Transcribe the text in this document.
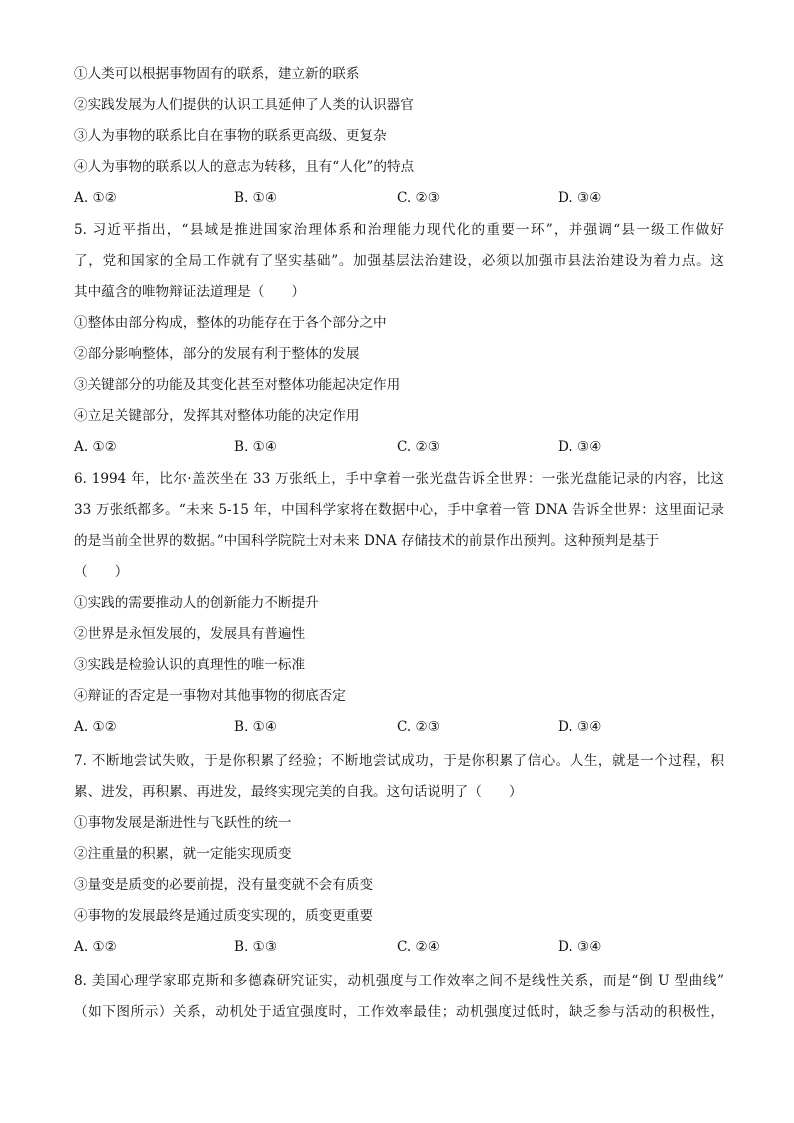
①人类可以根据事物固有的联系，建立新的联系
②实践发展为人们提供的认识工具延伸了人类的认识器官
③人为事物的联系比自在事物的联系更高级、更复杂
④人为事物的联系以人的意志为转移，且有“人化”的特点
A. ①②	B. ①④	C. ②③	D. ③④
5. 习近平指出，“县域是推进国家治理体系和治理能力现代化的重要一环”，并强调“县一级工作做好
了，党和国家的全局工作就有了坚实基础”。加强基层法治建设，必须以加强市县法治建设为着力点。这
其中蕴含的唯物辩证法道理是（　　）
①整体由部分构成，整体的功能存在于各个部分之中
②部分影响整体，部分的发展有利于整体的发展
③关键部分的功能及其变化甚至对整体功能起决定作用
④立足关键部分，发挥其对整体功能的决定作用
A. ①②	B. ①④	C. ②③	D. ③④
6. 1994 年，比尔·盖茨坐在 33 万张纸上，手中拿着一张光盘告诉全世界：一张光盘能记录的内容，比这
33 万张纸都多。“未来 5-15 年，中国科学家将在数据中心，手中拿着一管 DNA 告诉全世界：这里面记录
的是当前全世界的数据。”中国科学院院士对未来 DNA 存储技术的前景作出预判。这种预判是基于
（　　）
①实践的需要推动人的创新能力不断提升
②世界是永恒发展的，发展具有普遍性
③实践是检验认识的真理性的唯一标准
④辩证的否定是一事物对其他事物的彻底否定
A. ①②	B. ①④	C. ②③	D. ③④
7. 不断地尝试失败，于是你积累了经验；不断地尝试成功，于是你积累了信心。人生，就是一个过程，积
累、进发，再积累、再进发，最终实现完美的自我。这句话说明了（　　）
①事物发展是渐进性与飞跃性的统一
②注重量的积累，就一定能实现质变
③量变是质变的必要前提，没有量变就不会有质变
④事物的发展最终是通过质变实现的，质变更重要
A. ①②	B. ①③	C. ②④	D. ③④
8. 美国心理学家耶克斯和多德森研究证实，动机强度与工作效率之间不是线性关系，而是“倒 U 型曲线”
（如下图所示）关系，动机处于适宜强度时，工作效率最佳；动机强度过低时，缺乏参与活动的积极性，
